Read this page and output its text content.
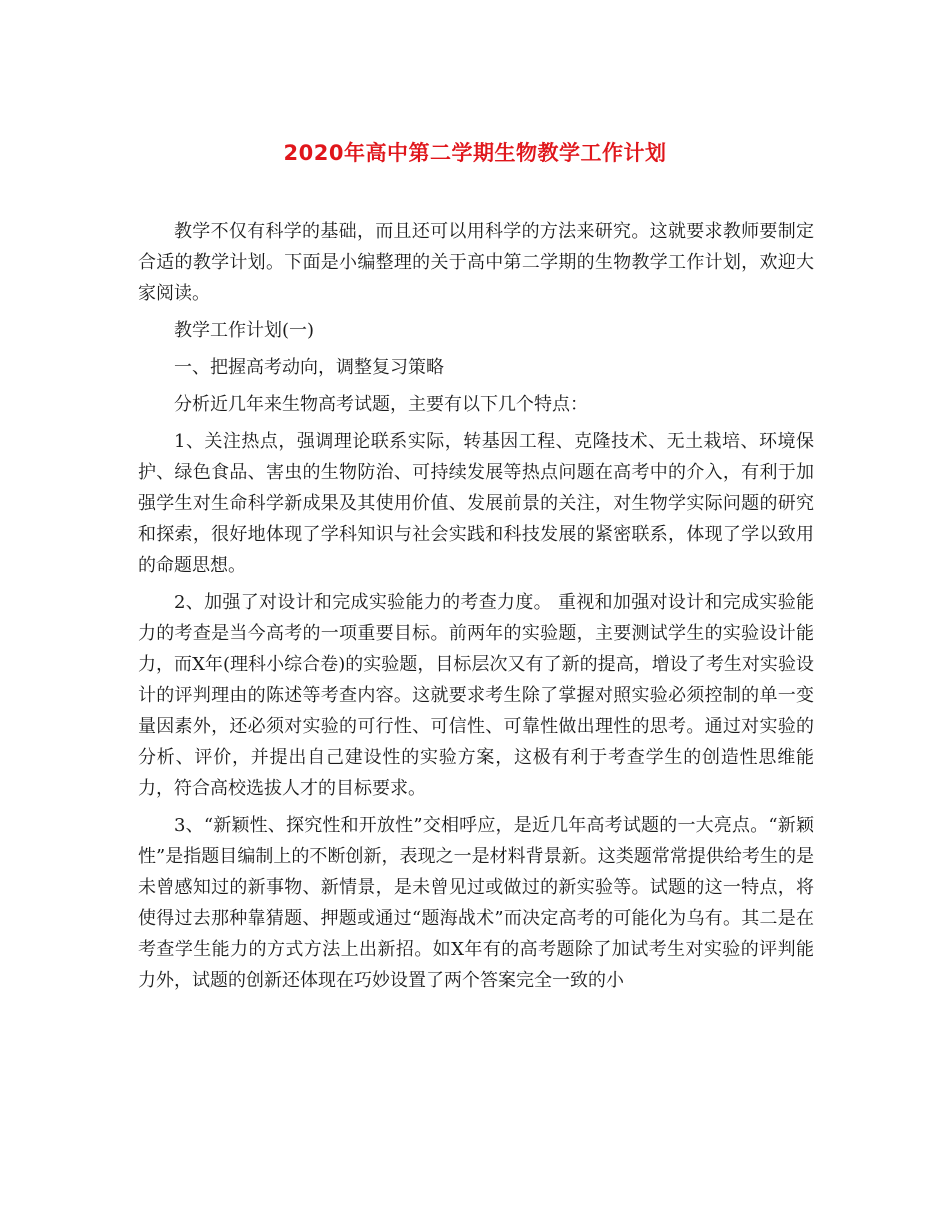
2020年高中第二学期生物教学工作计划

教学不仅有科学的基础，而且还可以用科学的方法来研究。这就要求教师要制定合适的教学计划。下面是小编整理的关于高中第二学期的生物教学工作计划，欢迎大家阅读。

教学工作计划(一)

一、把握高考动向，调整复习策略

分析近几年来生物高考试题，主要有以下几个特点：

1、关注热点，强调理论联系实际，转基因工程、克隆技术、无土栽培、环境保护、绿色食品、害虫的生物防治、可持续发展等热点问题在高考中的介入，有利于加强学生对生命科学新成果及其使用价值、发展前景的关注，对生物学实际问题的研究和探索，很好地体现了学科知识与社会实践和科技发展的紧密联系，体现了学以致用的命题思想。

2、加强了对设计和完成实验能力的考查力度。 重视和加强对设计和完成实验能力的考查是当今高考的一项重要目标。前两年的实验题，主要测试学生的实验设计能力，而X年(理科小综合卷)的实验题，目标层次又有了新的提高，增设了考生对实验设计的评判理由的陈述等考查内容。这就要求考生除了掌握对照实验必须控制的单一变量因素外，还必须对实验的可行性、可信性、可靠性做出理性的思考。通过对实验的分析、评价，并提出自己建设性的实验方案，这极有利于考查学生的创造性思维能力，符合高校选拔人才的目标要求。

3、“新颖性、探究性和开放性”交相呼应，是近几年高考试题的一大亮点。“新颖性”是指题目编制上的不断创新，表现之一是材料背景新。这类题常常提供给考生的是未曾感知过的新事物、新情景，是未曾见过或做过的新实验等。试题的这一特点，将使得过去那种靠猜题、押题或通过“题海战术”而决定高考的可能化为乌有。其二是在考查学生能力的方式方法上出新招。如X年有的高考题除了加试考生对实验的评判能力外，试题的创新还体现在巧妙设置了两个答案完全一致的小
